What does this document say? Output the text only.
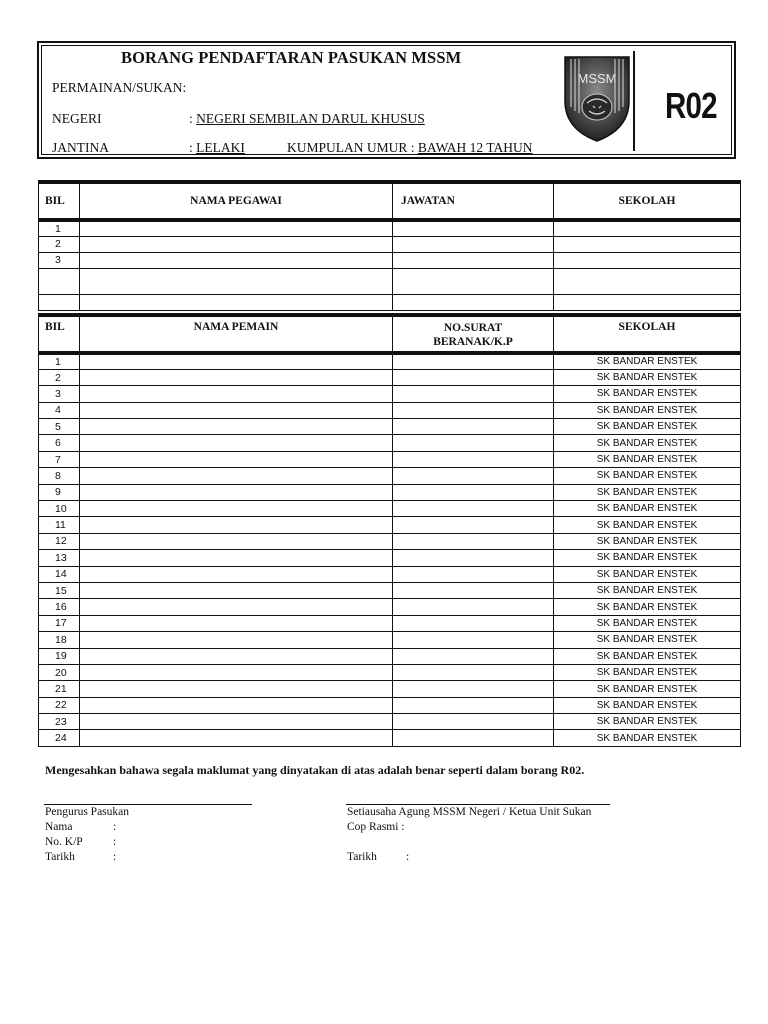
BORANG PENDAFTARAN PASUKAN MSSM
PERMAINAN/SUKAN:
NEGERI	: NEGERI SEMBILAN DARUL KHUSUS
JANTINA	: LELAKI	KUMPULAN UMUR : BAWAH 12 TAHUN
MSSM
R02
BIL	NAMA PEGAWAI	JAWATAN	SEKOLAH
1			
2			
3			

BIL	NAMA PEMAIN	NO.SURAT BERANAK/K.P	SEKOLAH
1			SK BANDAR ENSTEK
2			SK BANDAR ENSTEK
3			SK BANDAR ENSTEK
4			SK BANDAR ENSTEK
5			SK BANDAR ENSTEK
6			SK BANDAR ENSTEK
7			SK BANDAR ENSTEK
8			SK BANDAR ENSTEK
9			SK BANDAR ENSTEK
10			SK BANDAR ENSTEK
11			SK BANDAR ENSTEK
12			SK BANDAR ENSTEK
13			SK BANDAR ENSTEK
14			SK BANDAR ENSTEK
15			SK BANDAR ENSTEK
16			SK BANDAR ENSTEK
17			SK BANDAR ENSTEK
18			SK BANDAR ENSTEK
19			SK BANDAR ENSTEK
20			SK BANDAR ENSTEK
21			SK BANDAR ENSTEK
22			SK BANDAR ENSTEK
23			SK BANDAR ENSTEK
24			SK BANDAR ENSTEK
Mengesahkan bahawa segala maklumat yang dinyatakan di atas adalah benar seperti dalam borang R02.
Pengurus Pasukan
Nama	:
No. K/P	:
Tarikh	:
Setiausaha Agung MSSM Negeri / Ketua Unit Sukan
Cop Rasmi :
Tarikh	:
